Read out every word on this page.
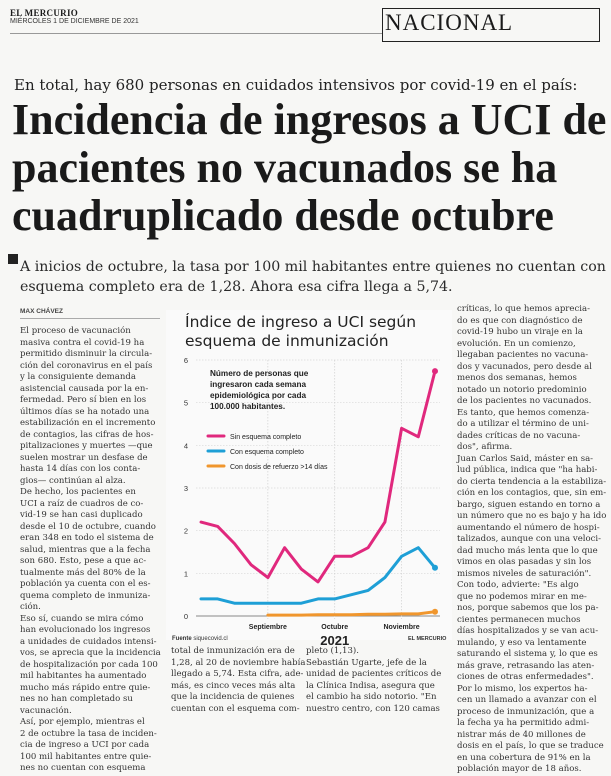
EL MERCURIO
MIÉRCOLES 1 DE DICIEMBRE DE 2021	NACIONAL
En total, hay 680 personas en cuidados intensivos por covid-19 en el país:
Incidencia de ingresos a UCI de
pacientes no vacunados se ha
cuadruplicado desde octubre
A inicios de octubre, la tasa por 100 mil habitantes entre quienes no cuentan con
esquema completo era de 1,28. Ahora esa cifra llega a 5,74.
MAX CHÁVEZ
El proceso de vacunación
masiva contra el covid-19 ha
permitido disminuir la circula-
ción del coronavirus en el país
y la consiguiente demanda
asistencial causada por la en-
fermedad. Pero sí bien en los
últimos días se ha notado una
estabilización en el incremento
de contagios, las cifras de hos-
pitalizaciones y muertes —que
suelen mostrar un desfase de
hasta 14 días con los conta-
gios— continúan al alza.
De hecho, los pacientes en
UCI a raíz de cuadros de co-
vid-19 se han casi duplicado
desde el 10 de octubre, cuando
eran 348 en todo el sistema de
salud, mientras que a la fecha
son 680. Esto, pese a que ac-
tualmente más del 80% de la
población ya cuenta con el es-
quema completo de inmuniza-
ción.
Eso sí, cuando se mira cómo
han evolucionado los ingresos
a unidades de cuidados intensi-
vos, se aprecia que la incidencia
de hospitalización por cada 100
mil habitantes ha aumentado
mucho más rápido entre quie-
nes no han completado su
vacunación.
Así, por ejemplo, mientras el
2 de octubre la tasa de inciden-
cia de ingreso a UCI por cada
100 mil habitantes entre quie-
nes no cuentan con esquema
total de inmunización era de
1,28, al 20 de noviembre había
llegado a 5,74. Esta cifra, ade-
más, es cinco veces más alta
que la incidencia de quienes
cuentan con el esquema com-
pleto (1,13).
Sebastián Ugarte, jefe de la
unidad de pacientes críticos de
la Clínica Indisa, asegura que
el cambio ha sido notorio. "En
nuestro centro, con 120 camas
críticas, lo que hemos aprecia-
do es que con diagnóstico de
covid-19 hubo un viraje en la
evolución. En un comienzo,
llegaban pacientes no vacuna-
dos y vacunados, pero desde al
menos dos semanas, hemos
notado un notorio predominio
de los pacientes no vacunados.
Es tanto, que hemos comenza-
do a utilizar el término de uni-
dades críticas de no vacuna-
dos", afirma.
Juan Carlos Said, máster en sa-
lud pública, indica que "ha habi-
do cierta tendencia a la estabiliza-
ción en los contagios, que, sin em-
bargo, siguen estando en torno a
un número que no es bajo y ha ido
aumentando el número de hospi-
talizados, aunque con una veloci-
dad mucho más lenta que lo que
vimos en olas pasadas y sin los
mismos niveles de saturación".
Con todo, advierte: "Es algo
que no podemos mirar en me-
nos, porque sabemos que los pa-
cientes permanecen muchos
días hospitalizados y se van acu-
mulando, y eso va lentamente
saturando el sistema y, lo que es
más grave, retrasando las aten-
ciones de otras enfermedades".
Por lo mismo, los expertos ha-
cen un llamado a avanzar con el
proceso de inmunización, que a
la fecha ya ha permitido admi-
nistrar más de 40 millones de
dosis en el país, lo que se traduce
en una cobertura de 91% en la
población mayor de 18 años.
Índice de ingreso a UCI según
esquema de inmunización
0
1
2
3
4
5
6
Septiembre	Octubre	Noviembre
2021
Número de personas que
ingresaron cada semana
epidemiológica por cada
100.000 habitantes.
Sin esquema completo
Con esquema completo
Con dosis de refuerzo >14 días
Fuente siquecovid.cl	EL MERCURIO
